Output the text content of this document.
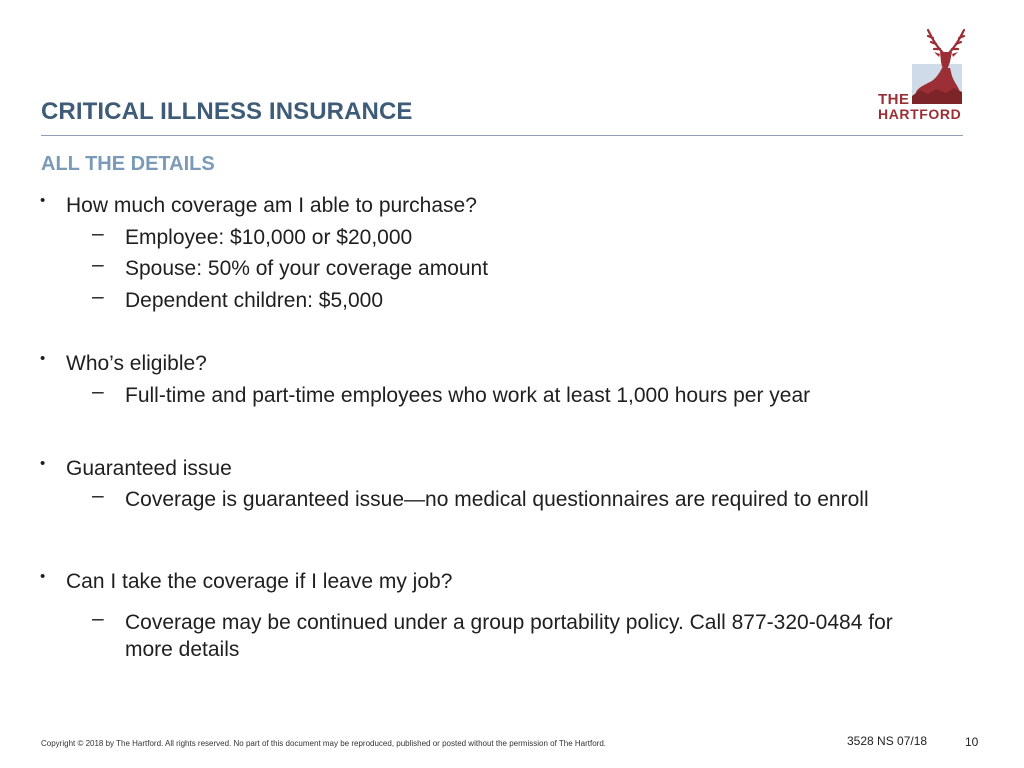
CRITICAL ILLNESS INSURANCE
ALL THE DETAILS
THE
HARTFORD
• How much coverage am I able to purchase?
– Employee: $10,000 or $20,000
– Spouse: 50% of your coverage amount
– Dependent children: $5,000
• Who’s eligible?
– Full-time and part-time employees who work at least 1,000 hours per year
• Guaranteed issue
– Coverage is guaranteed issue—no medical questionnaires are required to enroll
• Can I take the coverage if I leave my job?
– Coverage may be continued under a group portability policy. Call 877-320-0484 for more details
Copyright © 2018 by The Hartford. All rights reserved. No part of this document may be reproduced, published or posted without the permission of The Hartford.	3528 NS 07/18	10
